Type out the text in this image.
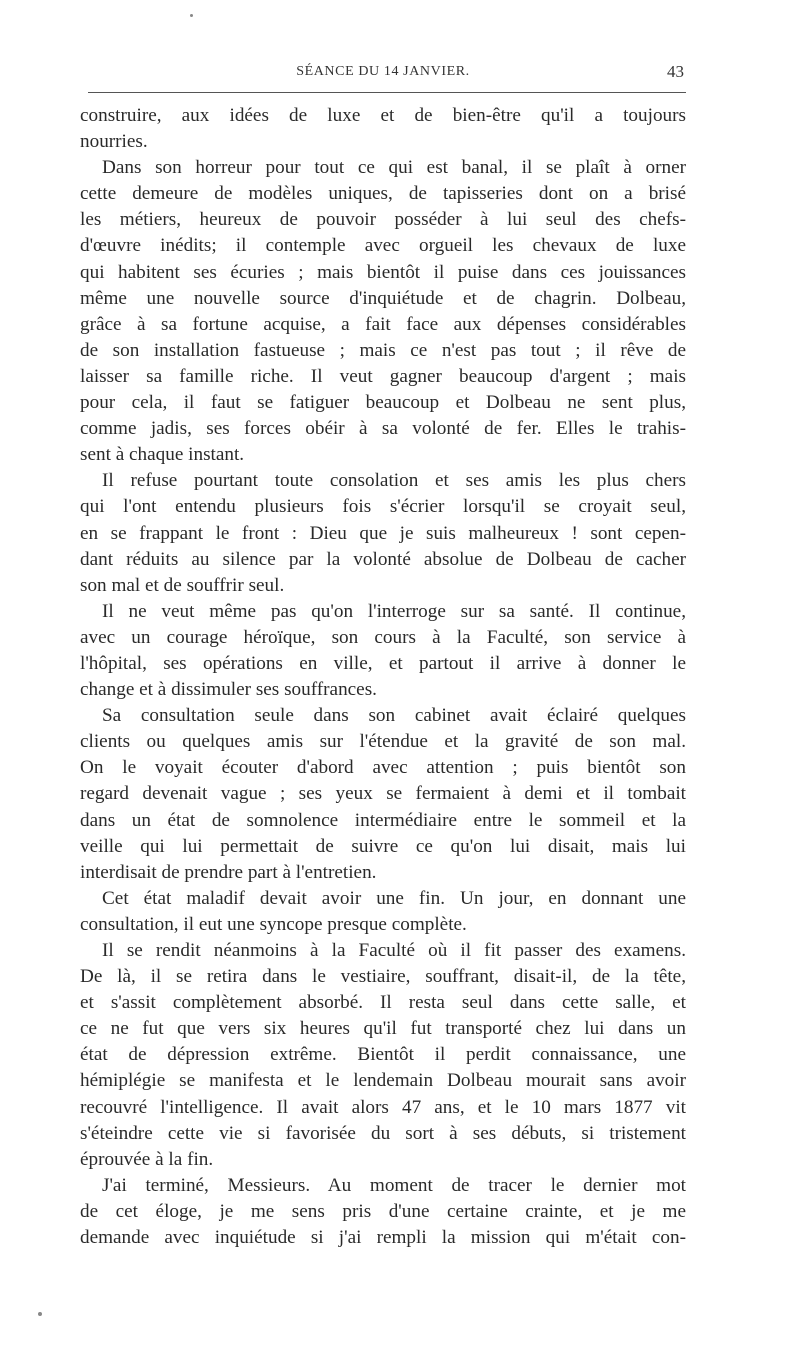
SÉANCE DU 14 JANVIER.	43

construire, aux idées de luxe et de bien-être qu'il a toujours
nourries.

Dans son horreur pour tout ce qui est banal, il se plaît à orner
cette demeure de modèles uniques, de tapisseries dont on a brisé
les métiers, heureux de pouvoir posséder à lui seul des chefs-
d'œuvre inédits; il contemple avec orgueil les chevaux de luxe
qui habitent ses écuries ; mais bientôt il puise dans ces jouissances
même une nouvelle source d'inquiétude et de chagrin. Dolbeau,
grâce à sa fortune acquise, a fait face aux dépenses considérables
de son installation fastueuse ; mais ce n'est pas tout ; il rêve de
laisser sa famille riche. Il veut gagner beaucoup d'argent ; mais
pour cela, il faut se fatiguer beaucoup et Dolbeau ne sent plus,
comme jadis, ses forces obéir à sa volonté de fer. Elles le trahis-
sent à chaque instant.

Il refuse pourtant toute consolation et ses amis les plus chers
qui l'ont entendu plusieurs fois s'écrier lorsqu'il se croyait seul,
en se frappant le front : Dieu que je suis malheureux ! sont cepen-
dant réduits au silence par la volonté absolue de Dolbeau de cacher
son mal et de souffrir seul.

Il ne veut même pas qu'on l'interroge sur sa santé. Il continue,
avec un courage héroïque, son cours à la Faculté, son service à
l'hôpital, ses opérations en ville, et partout il arrive à donner le
change et à dissimuler ses souffrances.

Sa consultation seule dans son cabinet avait éclairé quelques
clients ou quelques amis sur l'étendue et la gravité de son mal.
On le voyait écouter d'abord avec attention ; puis bientôt son
regard devenait vague ; ses yeux se fermaient à demi et il tombait
dans un état de somnolence intermédiaire entre le sommeil et la
veille qui lui permettait de suivre ce qu'on lui disait, mais lui
interdisait de prendre part à l'entretien.

Cet état maladif devait avoir une fin. Un jour, en donnant une
consultation, il eut une syncope presque complète.

Il se rendit néanmoins à la Faculté où il fit passer des examens.
De là, il se retira dans le vestiaire, souffrant, disait-il, de la tête,
et s'assit complètement absorbé. Il resta seul dans cette salle, et
ce ne fut que vers six heures qu'il fut transporté chez lui dans un
état de dépression extrême. Bientôt il perdit connaissance, une
hémiplégie se manifesta et le lendemain Dolbeau mourait sans avoir
recouvré l'intelligence. Il avait alors 47 ans, et le 10 mars 1877 vit
s'éteindre cette vie si favorisée du sort à ses débuts, si tristement
éprouvée à la fin.

J'ai terminé, Messieurs. Au moment de tracer le dernier mot
de cet éloge, je me sens pris d'une certaine crainte, et je me
demande avec inquiétude si j'ai rempli la mission qui m'était con-
